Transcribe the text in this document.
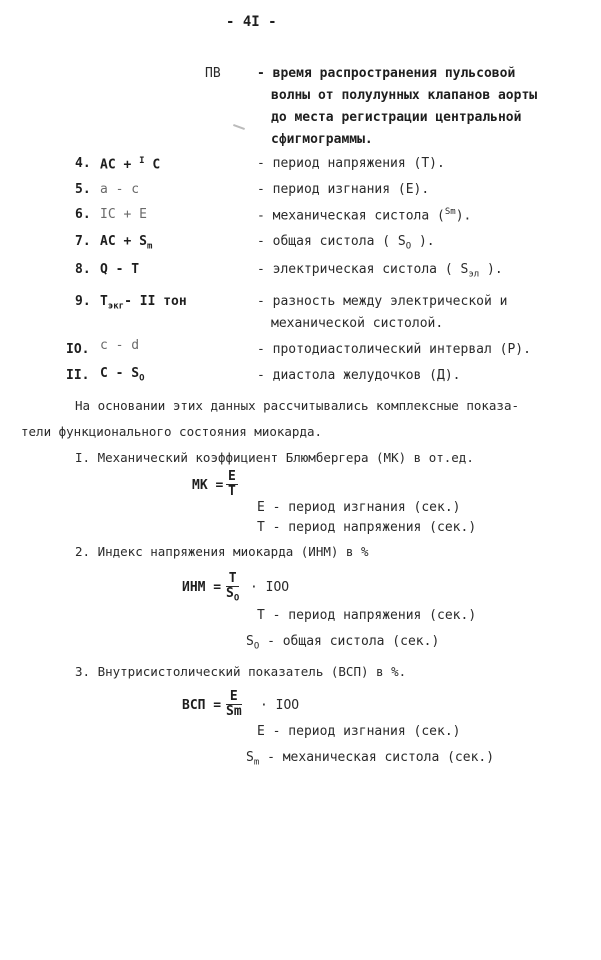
- 4I -
ПВ	- время распространения пульсовой
волны от полулунных клапанов аорты
до места регистрации центральной
сфигмограммы.
4. АС + $^I$ С	- период напряжения (Т).
5. a - c	- период изгнания (Е).
6. IC + E	- механическая систола ($^{Sm}$).
7. АС + $S_m$	- общая систола ( $S_O$ ).
8. Q - T	- электрическая систола ( $S_{эл}$ ).
9. $T_{экг}-$ II тон	- разность между электрической и
механической систолой.
IO. c - d	- протодиастолический интервал (Р).
II. C - $S_O$	- диастола желудочков (Д).
На основании этих данных рассчитывались комплексные показа-
тели функционального состояния миокарда.
I. Механический коэффициент Блюмбергера (МК) в от.ед.
МК = $\frac{E}{T}$
E - период изгнания (сек.)
T - период напряжения (сек.)
2. Индекс напряжения миокарда (ИНМ) в %
ИНМ = $\frac{T}{S_O}$ · IOO
T - период напряжения (сек.)
$S_O$ - общая систола (сек.)
3. Внутрисистолический показатель (ВСП) в %.
ВСП = $\frac{E}{Sm}$ · IOO
E - период изгнания (сек.)
$S_m$ - механическая систола (сек.)
